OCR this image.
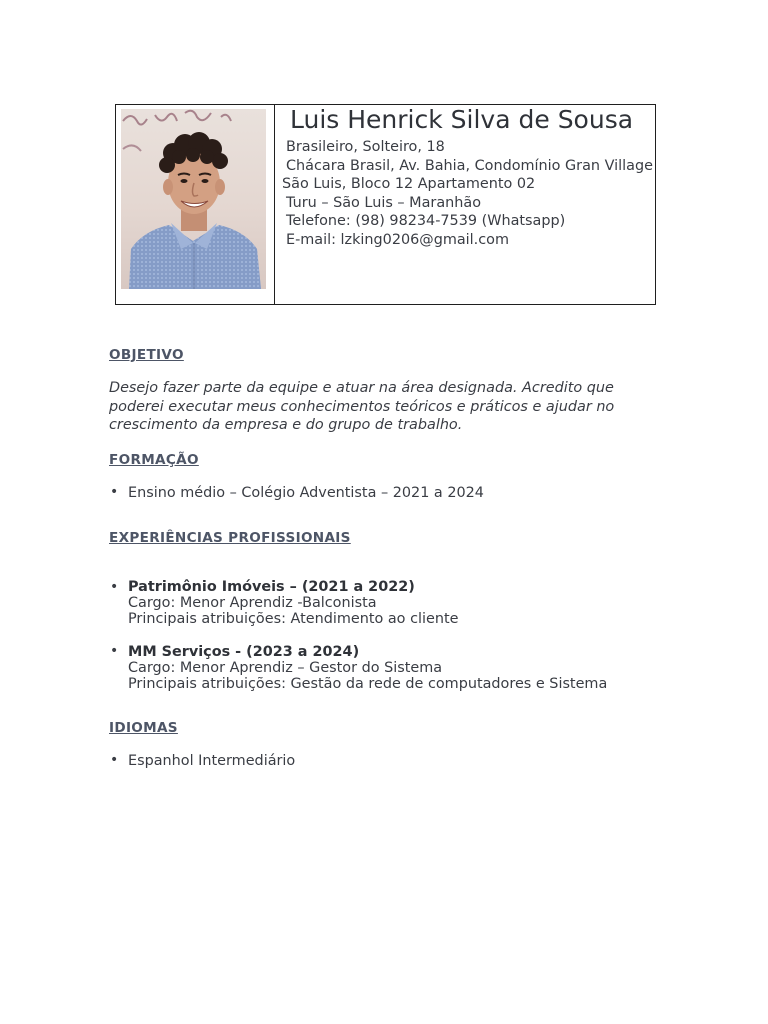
Luis Henrick Silva de Sousa
Brasileiro, Solteiro, 18
Chácara Brasil, Av. Bahia, Condomínio Gran Village
São Luis, Bloco 12 Apartamento 02
Turu – São Luis – Maranhão
Telefone: (98) 98234-7539 (Whatsapp)
E-mail: lzking0206@gmail.com
OBJETIVO
Desejo fazer parte da equipe e atuar na área designada. Acredito que
poderei executar meus conhecimentos teóricos e práticos e ajudar no
crescimento da empresa e do grupo de trabalho.
FORMAÇÃO
• Ensino médio – Colégio Adventista – 2021 a 2024
EXPERIÊNCIAS PROFISSIONAIS
• Patrimônio Imóveis – (2021 a 2022)
Cargo: Menor Aprendiz -Balconista
Principais atribuições: Atendimento ao cliente
• MM Serviços - (2023 a 2024)
Cargo: Menor Aprendiz – Gestor do Sistema
Principais atribuições: Gestão da rede de computadores e Sistema
IDIOMAS
• Espanhol Intermediário
